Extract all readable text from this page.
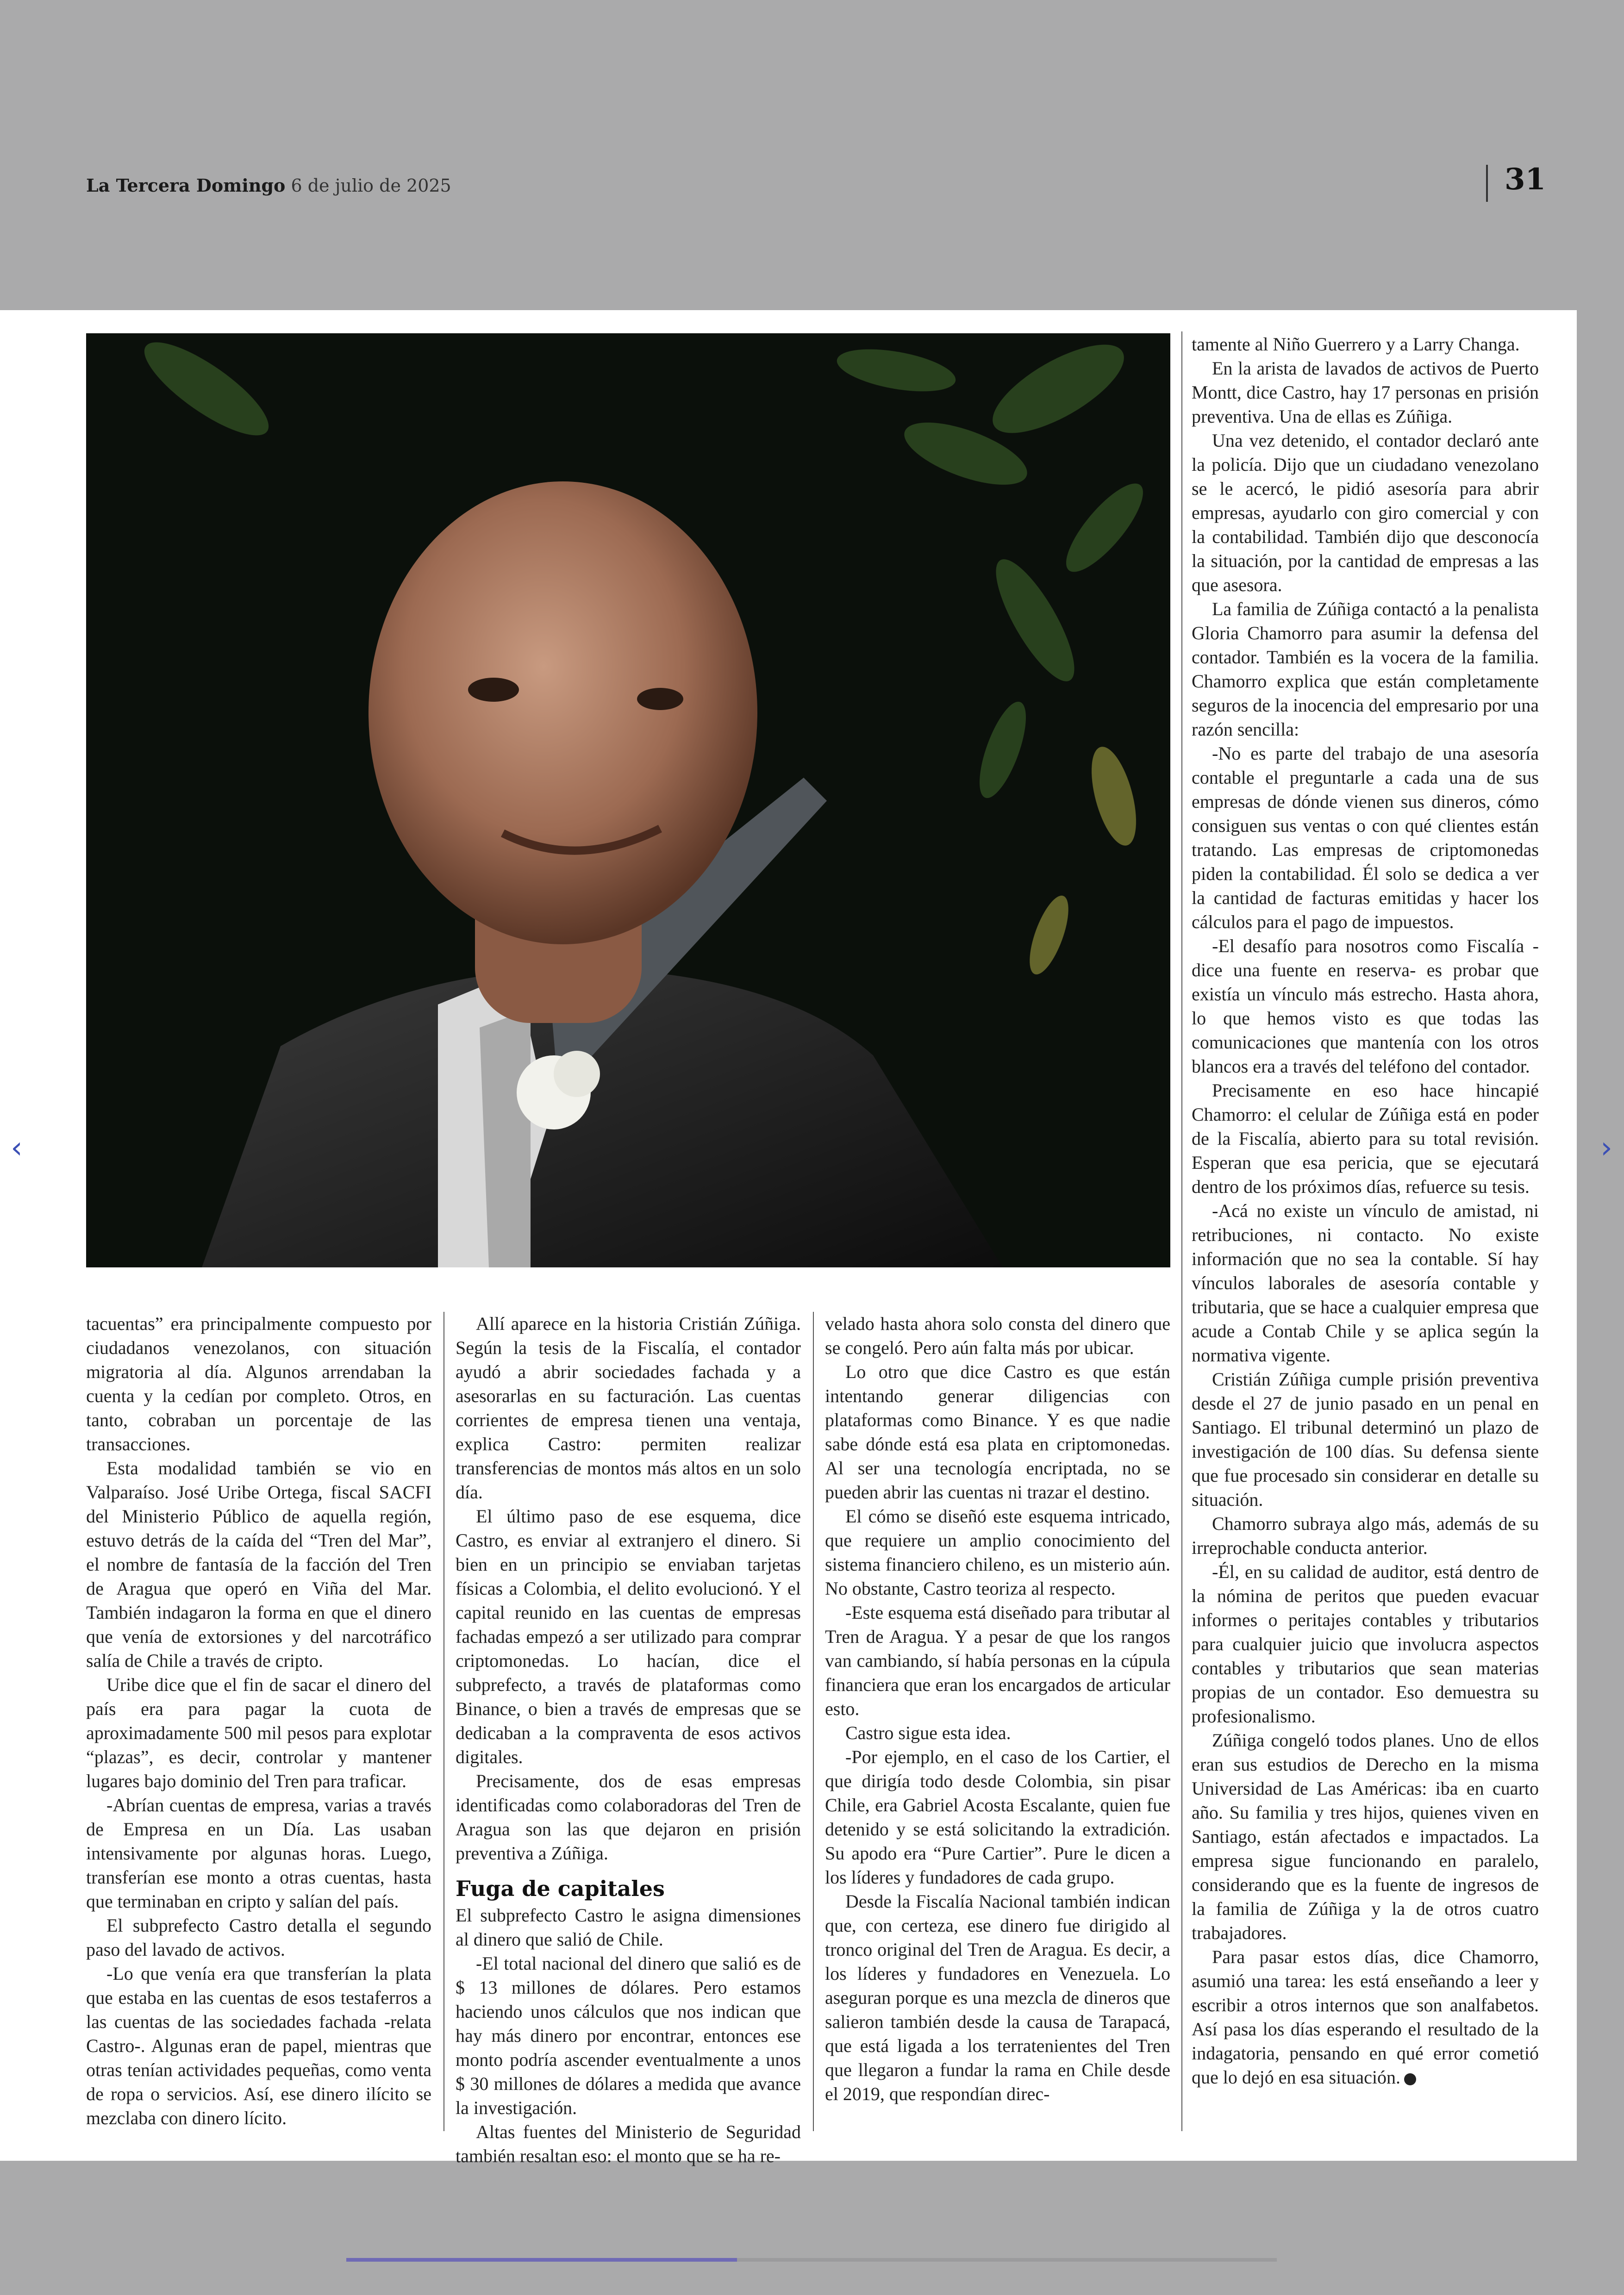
La Tercera Domingo 6 de julio de 2025	31

tacuentas” era principalmente compuesto por ciudadanos venezolanos, con situación migratoria al día. Algunos arrendaban la cuenta y la cedían por completo. Otros, en tanto, cobraban un porcentaje de las transacciones.

Esta modalidad también se vio en Valparaíso. José Uribe Ortega, fiscal SACFI del Ministerio Público de aquella región, estuvo detrás de la caída del “Tren del Mar”, el nombre de fantasía de la facción del Tren de Aragua que operó en Viña del Mar. También indagaron la forma en que el dinero que venía de extorsiones y del narcotráfico salía de Chile a través de cripto.

Uribe dice que el fin de sacar el dinero del país era para pagar la cuota de aproximadamente 500 mil pesos para explotar “plazas”, es decir, controlar y mantener lugares bajo dominio del Tren para traficar.

-Abrían cuentas de empresa, varias a través de Empresa en un Día. Las usaban intensivamente por algunas horas. Luego, transferían ese monto a otras cuentas, hasta que terminaban en cripto y salían del país.

El subprefecto Castro detalla el segundo paso del lavado de activos.

-Lo que venía era que transferían la plata que estaba en las cuentas de esos testaferros a las cuentas de las sociedades fachada -relata Castro-. Algunas eran de papel, mientras que otras tenían actividades pequeñas, como venta de ropa o servicios. Así, ese dinero ilícito se mezclaba con dinero lícito.

Allí aparece en la historia Cristián Zúñiga. Según la tesis de la Fiscalía, el contador ayudó a abrir sociedades fachada y a asesorarlas en su facturación. Las cuentas corrientes de empresa tienen una ventaja, explica Castro: permiten realizar transferencias de montos más altos en un solo día.

El último paso de ese esquema, dice Castro, es enviar al extranjero el dinero. Si bien en un principio se enviaban tarjetas físicas a Colombia, el delito evolucionó. Y el capital reunido en las cuentas de empresas fachadas empezó a ser utilizado para comprar criptomonedas. Lo hacían, dice el subprefecto, a través de plataformas como Binance, o bien a través de empresas que se dedicaban a la compraventa de esos activos digitales.

Precisamente, dos de esas empresas identificadas como colaboradoras del Tren de Aragua son las que dejaron en prisión preventiva a Zúñiga.

Fuga de capitales

El subprefecto Castro le asigna dimensiones al dinero que salió de Chile.

-El total nacional del dinero que salió es de $ 13 millones de dólares. Pero estamos haciendo unos cálculos que nos indican que hay más dinero por encontrar, entonces ese monto podría ascender eventualmente a unos $ 30 millones de dólares a medida que avance la investigación.

Altas fuentes del Ministerio de Seguridad también resaltan eso: el monto que se ha re-

velado hasta ahora solo consta del dinero que se congeló. Pero aún falta más por ubicar.

Lo otro que dice Castro es que están intentando generar diligencias con plataformas como Binance. Y es que nadie sabe dónde está esa plata en criptomonedas. Al ser una tecnología encriptada, no se pueden abrir las cuentas ni trazar el destino.

El cómo se diseñó este esquema intricado, que requiere un amplio conocimiento del sistema financiero chileno, es un misterio aún. No obstante, Castro teoriza al respecto.

-Este esquema está diseñado para tributar al Tren de Aragua. Y a pesar de que los rangos van cambiando, sí había personas en la cúpula financiera que eran los encargados de articular esto.

Castro sigue esta idea.

-Por ejemplo, en el caso de los Cartier, el que dirigía todo desde Colombia, sin pisar Chile, era Gabriel Acosta Escalante, quien fue detenido y se está solicitando la extradición. Su apodo era “Pure Cartier”. Pure le dicen a los líderes y fundadores de cada grupo.

Desde la Fiscalía Nacional también indican que, con certeza, ese dinero fue dirigido al tronco original del Tren de Aragua. Es decir, a los líderes y fundadores en Venezuela. Lo aseguran porque es una mezcla de dineros que salieron también desde la causa de Tarapacá, que está ligada a los terratenientes del Tren que llegaron a fundar la rama en Chile desde el 2019, que respondían direc-

tamente al Niño Guerrero y a Larry Changa.

En la arista de lavados de activos de Puerto Montt, dice Castro, hay 17 personas en prisión preventiva. Una de ellas es Zúñiga.

Una vez detenido, el contador declaró ante la policía. Dijo que un ciudadano venezolano se le acercó, le pidió asesoría para abrir empresas, ayudarlo con giro comercial y con la contabilidad. También dijo que desconocía la situación, por la cantidad de empresas a las que asesora.

La familia de Zúñiga contactó a la penalista Gloria Chamorro para asumir la defensa del contador. También es la vocera de la familia. Chamorro explica que están completamente seguros de la inocencia del empresario por una razón sencilla:

-No es parte del trabajo de una asesoría contable el preguntarle a cada una de sus empresas de dónde vienen sus dineros, cómo consiguen sus ventas o con qué clientes están tratando. Las empresas de criptomonedas piden la contabilidad. Él solo se dedica a ver la cantidad de facturas emitidas y hacer los cálculos para el pago de impuestos.

-El desafío para nosotros como Fiscalía -dice una fuente en reserva- es probar que existía un vínculo más estrecho. Hasta ahora, lo que hemos visto es que todas las comunicaciones que mantenía con los otros blancos era a través del teléfono del contador.

Precisamente en eso hace hincapié Chamorro: el celular de Zúñiga está en poder de la Fiscalía, abierto para su total revisión. Esperan que esa pericia, que se ejecutará dentro de los próximos días, refuerce su tesis.

-Acá no existe un vínculo de amistad, ni retribuciones, ni contacto. No existe información que no sea la contable. Sí hay vínculos laborales de asesoría contable y tributaria, que se hace a cualquier empresa que acude a Contab Chile y se aplica según la normativa vigente.

Cristián Zúñiga cumple prisión preventiva desde el 27 de junio pasado en un penal en Santiago. El tribunal determinó un plazo de investigación de 100 días. Su defensa siente que fue procesado sin considerar en detalle su situación.

Chamorro subraya algo más, además de su irreprochable conducta anterior.

-Él, en su calidad de auditor, está dentro de la nómina de peritos que pueden evacuar informes o peritajes contables y tributarios para cualquier juicio que involucra aspectos contables y tributarios que sean materias propias de un contador. Eso demuestra su profesionalismo.

Zúñiga congeló todos planes. Uno de ellos eran sus estudios de Derecho en la misma Universidad de Las Américas: iba en cuarto año. Su familia y tres hijos, quienes viven en Santiago, están afectados e impactados. La empresa sigue funcionando en paralelo, considerando que es la fuente de ingresos de la familia de Zúñiga y la de otros cuatro trabajadores.

Para pasar estos días, dice Chamorro, asumió una tarea: les está enseñando a leer y escribir a otros internos que son analfabetos. Así pasa los días esperando el resultado de la indagatoria, pensando en qué error cometió que lo dejó en esa situación.

‹	›
